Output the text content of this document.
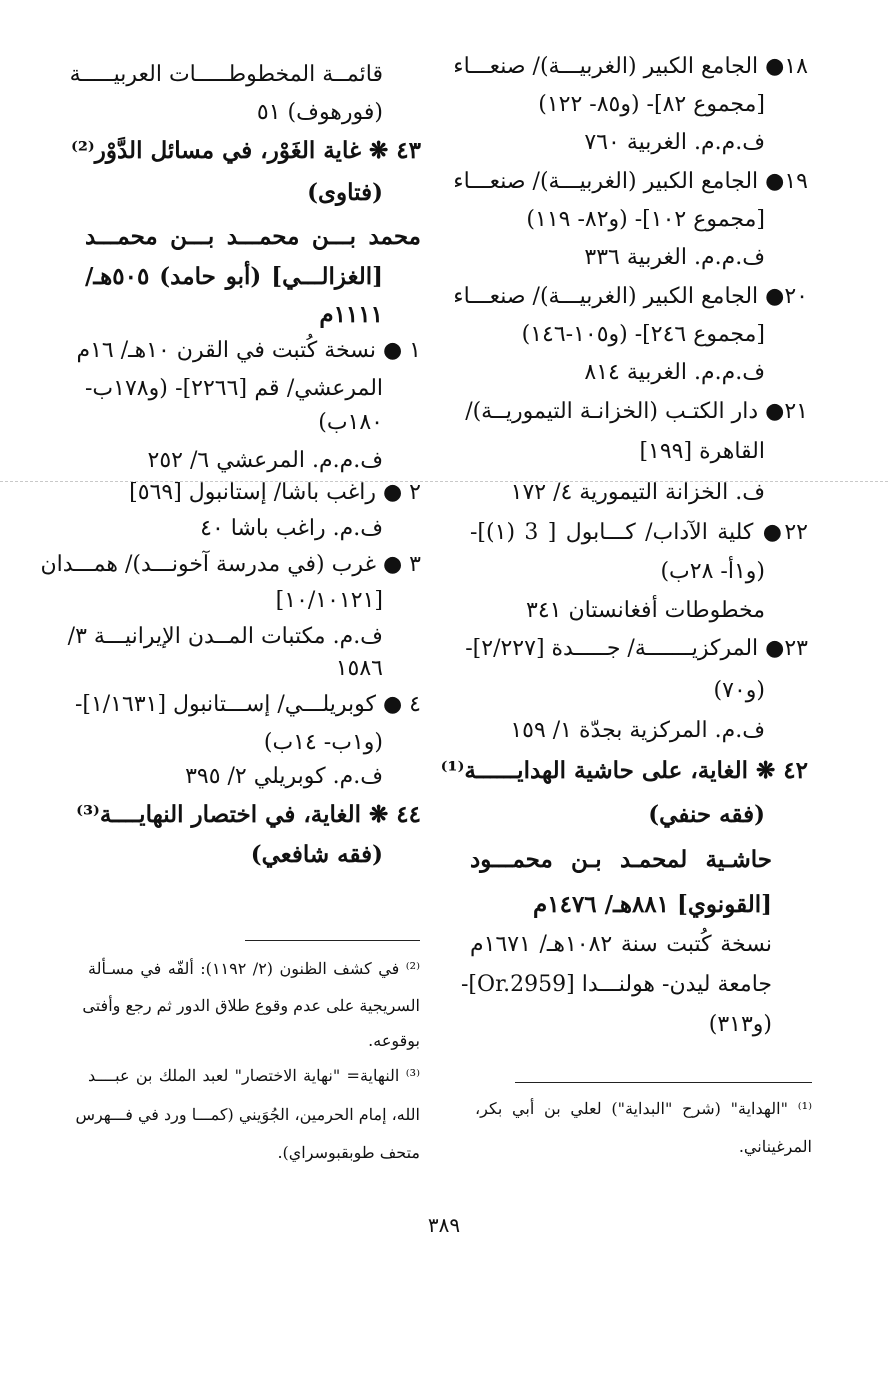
١٨● الجامع الكبير (الغربيـــة)/ صنعـــاء
[مجموع ٨٢]- (و٨٥- ١٢٢)
ف.م.م. الغربية ٧٦٠
١٩● الجامع الكبير (الغربيـــة)/ صنعـــاء
[مجموع ١٠٢]- (و٨٢- ١١٩)
ف.م.م. الغربية ٣٣٦
٢٠● الجامع الكبير (الغربيـــة)/ صنعـــاء
[مجموع ٢٤٦]- (و١٠٥-١٤٦)
ف.م.م. الغربية ٨١٤
٢١● دار الكتـب (الخزانـة التيموريــة)/
القاهرة [١٩٩]
ف. الخزانة التيمورية ٤/ ١٧٢
٢٢● كلية الآداب/ كـــابول [ 3 (١)]-
(و١أ- ٢٨ب)
مخطوطات أفغانستان ٣٤١
٢٣● المركزيـــــــة/ جـــــدة [٢/٢٢٧]-
(و٧٠)
ف.م. المركزية بجدّة ١/ ١٥٩
٤٢ ❋ الغاية، على حاشية الهدايــــــة⁽¹⁾
(فقه حنفي)
حاشـية لمحمـد بـن محمـــود
[القونوي] ٨٨١هـ/ ١٤٧٦م
نسخة كُتبت سنة ١٠٨٢هـ/ ١٦٧١م
جامعة ليدن- هولنـــدا [Or.2959]-
(و٣١٣)
قائمــة المخطوطـــــات العربيـــــة
(فورهوف) ٥١
٤٣ ❋ غاية الغَوْر، في مسائل الدَّوْر⁽²⁾
(فتاوى)
محمد بـــن محمـــد بـــن محمـــد
[الغزالـــي] (أبو حامد) ٥٠٥هـ/
١١١١م
١ ● نسخة كُتبت في القرن ١٠هـ/ ١٦م
المرعشي/ قم [٢٢٦٦]- (و١٧٨ب-
١٨٠ب)
ف.م.م. المرعشي ٦/ ٢٥٢
٢ ● راغب باشا/ إستانبول [٥٦٩]
ف.م. راغب باشا ٤٠
٣ ● غرب (في مدرسة آخونـــد)/ همـــدان
[١٠/١٠١٢١]
ف.م. مكتبات المــدن الإيرانيـــة ٣/
١٥٨٦
٤ ● كوبريلـــي/ إســـتانبول [١/١٦٣١]-
(و١ب- ١٤ب)
ف.م. كوبريلي ٢/ ٣٩٥
٤٤ ❋ الغاية، في اختصار النهايــــة⁽³⁾
(فقه شافعي)
⁽²⁾ في كشف الظنون (٢/ ١١٩٢): ألفّه في مسـألة
السريجية على عدم وقوع طلاق الدور ثم رجع وأفتى
بوقوعه.
⁽³⁾ النهاية= "نهاية الاختصار" لعبد الملك بن عبــــد
الله، إمام الحرمين، الجُوَيني (كمـــا ورد في فـــهرس
متحف طوبقبوسراي).
⁽¹⁾ "الهداية" (شرح "البداية") لعلي بن أبي بكر،
المرغيناني.
٣٨٩
